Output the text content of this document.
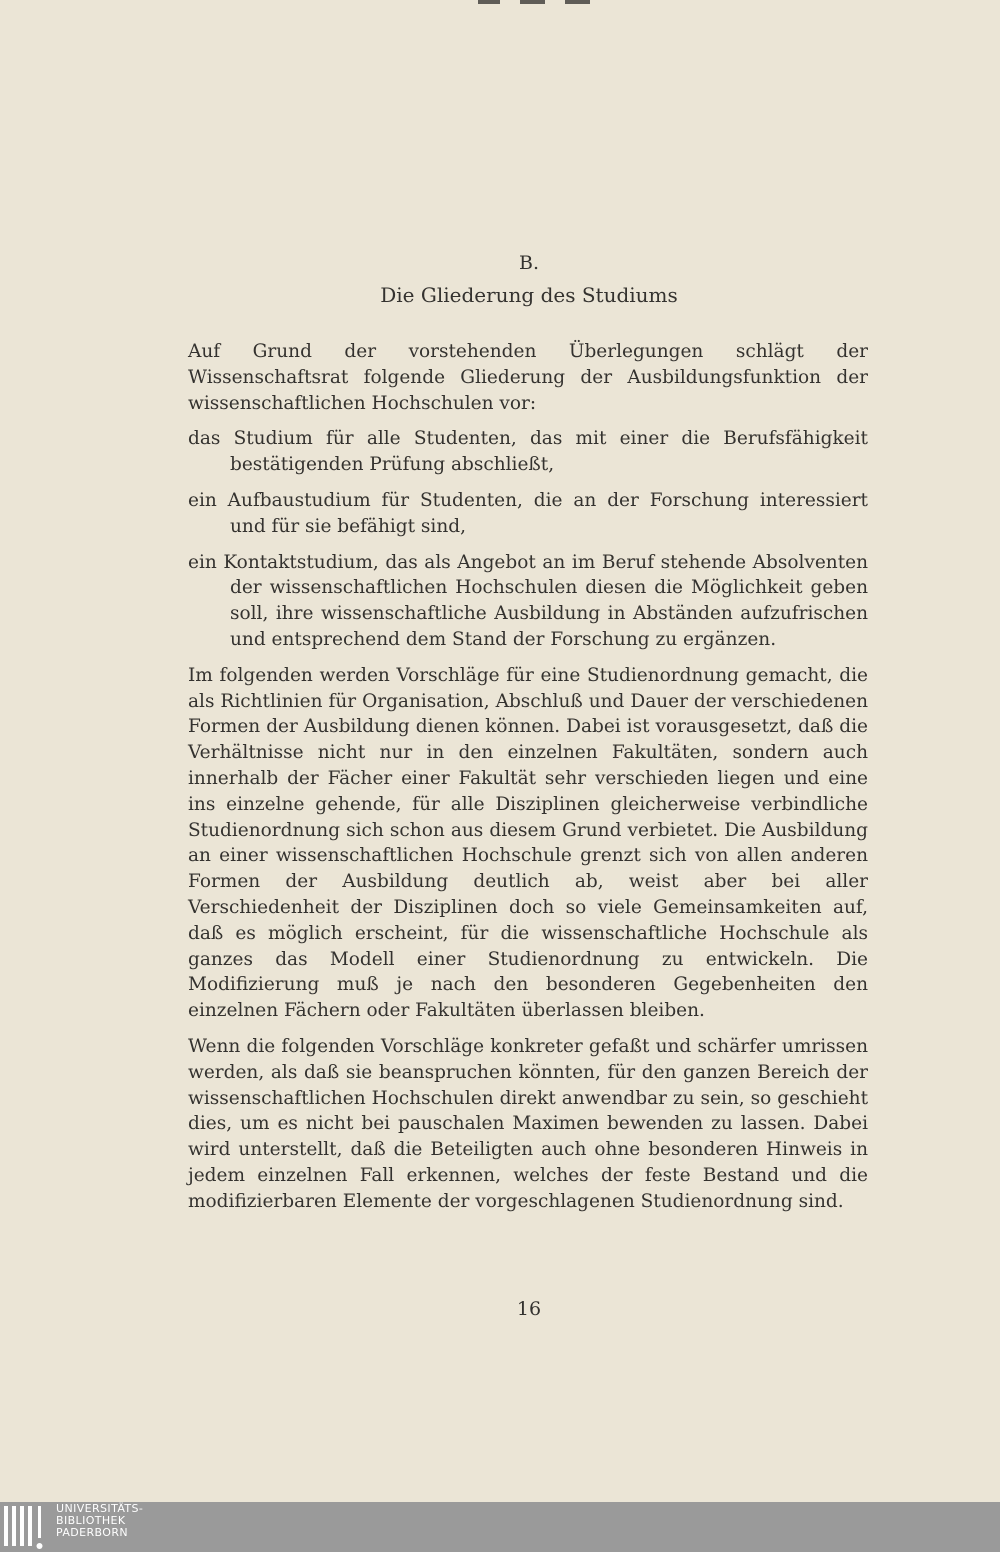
B.
Die Gliederung des Studiums

Auf Grund der vorstehenden Überlegungen schlägt der Wissenschaftsrat folgende Gliederung der Ausbildungsfunktion der wissenschaftlichen Hochschulen vor:

das Studium für alle Studenten, das mit einer die Berufsfähigkeit bestätigenden Prüfung abschließt,
ein Aufbaustudium für Studenten, die an der Forschung interessiert und für sie befähigt sind,
ein Kontaktstudium, das als Angebot an im Beruf stehende Absolventen der wissenschaftlichen Hochschulen diesen die Möglichkeit geben soll, ihre wissenschaftliche Ausbildung in Abständen aufzufrischen und entsprechend dem Stand der Forschung zu ergänzen.

Im folgenden werden Vorschläge für eine Studienordnung gemacht, die als Richtlinien für Organisation, Abschluß und Dauer der verschiedenen Formen der Ausbildung dienen können. Dabei ist vorausgesetzt, daß die Verhältnisse nicht nur in den einzelnen Fakultäten, sondern auch innerhalb der Fächer einer Fakultät sehr verschieden liegen und eine ins einzelne gehende, für alle Disziplinen gleicherweise verbindliche Studienordnung sich schon aus diesem Grund verbietet. Die Ausbildung an einer wissenschaftlichen Hochschule grenzt sich von allen anderen Formen der Ausbildung deutlich ab, weist aber bei aller Verschiedenheit der Disziplinen doch so viele Gemeinsamkeiten auf, daß es möglich erscheint, für die wissenschaftliche Hochschule als ganzes das Modell einer Studienordnung zu entwickeln. Die Modifizierung muß je nach den besonderen Gegebenheiten den einzelnen Fächern oder Fakultäten überlassen bleiben.

Wenn die folgenden Vorschläge konkreter gefaßt und schärfer umrissen werden, als daß sie beanspruchen könnten, für den ganzen Bereich der wissenschaftlichen Hochschulen direkt anwendbar zu sein, so geschieht dies, um es nicht bei pauschalen Maximen bewenden zu lassen. Dabei wird unterstellt, daß die Beteiligten auch ohne besonderen Hinweis in jedem einzelnen Fall erkennen, welches der feste Bestand und die modifizierbaren Elemente der vorgeschlagenen Studienordnung sind.

16
UNIVERSITÄTS-
BIBLIOTHEK
PADERBORN
